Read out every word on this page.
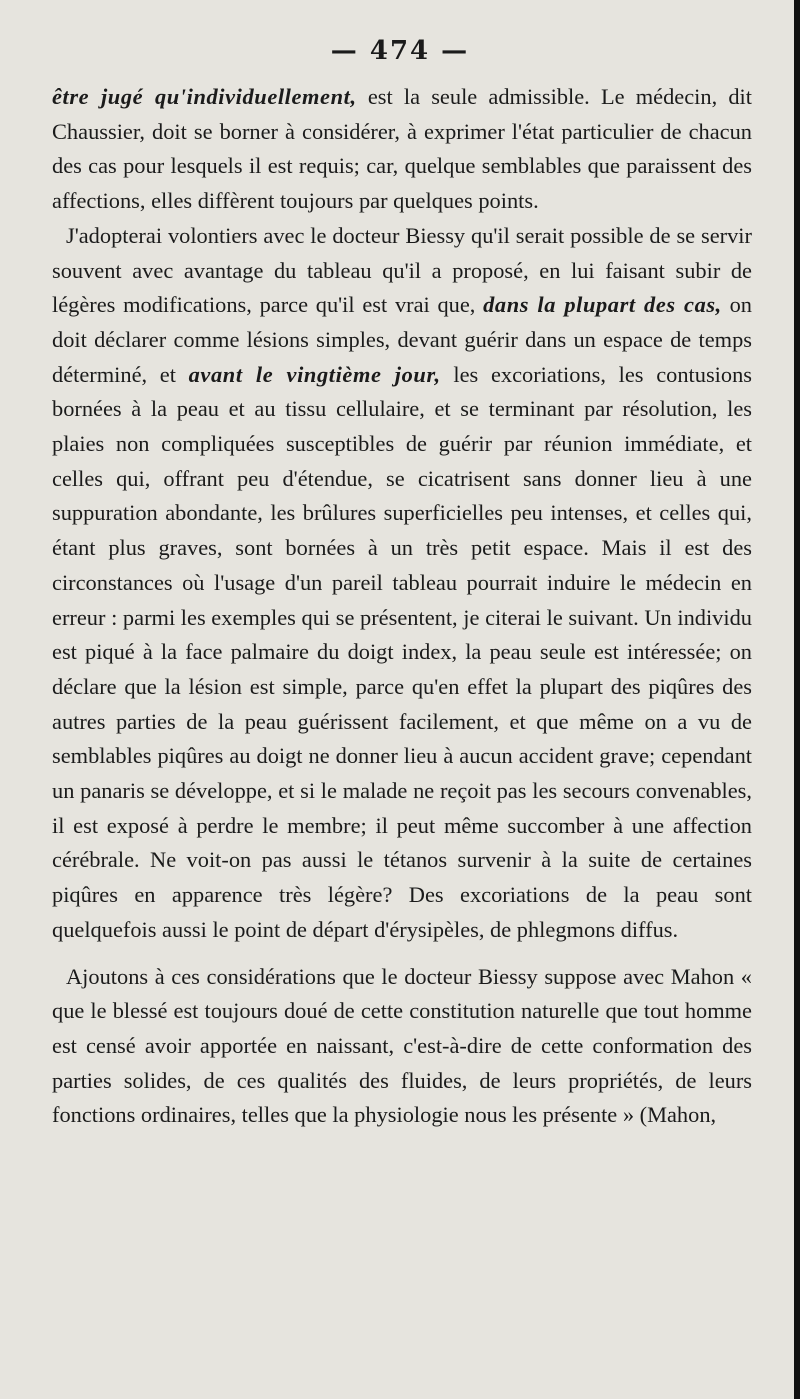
— 474 —

être jugé qu'individuellement, est la seule admissible. Le médecin, dit Chaussier, doit se borner à considérer, à exprimer l'état particulier de chacun des cas pour lesquels il est requis; car, quelque semblables que paraissent des affections, elles diffèrent toujours par quelques points.

J'adopterai volontiers avec le docteur Biessy qu'il serait possible de se servir souvent avec avantage du tableau qu'il a proposé, en lui faisant subir de légères modifications, parce qu'il est vrai que, dans la plupart des cas, on doit déclarer comme lésions simples, devant guérir dans un espace de temps déterminé, et avant le vingtième jour, les excoriations, les contusions bornées à la peau et au tissu cellulaire, et se terminant par résolution, les plaies non compliquées susceptibles de guérir par réunion immédiate, et celles qui, offrant peu d'étendue, se cicatrisent sans donner lieu à une suppuration abondante, les brûlures superficielles peu intenses, et celles qui, étant plus graves, sont bornées à un très petit espace. Mais il est des circonstances où l'usage d'un pareil tableau pourrait induire le médecin en erreur : parmi les exemples qui se présentent, je citerai le suivant. Un individu est piqué à la face palmaire du doigt index, la peau seule est intéressée; on déclare que la lésion est simple, parce qu'en effet la plupart des piqûres des autres parties de la peau guérissent facilement, et que même on a vu de semblables piqûres au doigt ne donner lieu à aucun accident grave; cependant un panaris se développe, et si le malade ne reçoit pas les secours convenables, il est exposé à perdre le membre; il peut même succomber à une affection cérébrale. Ne voit-on pas aussi le tétanos survenir à la suite de certaines piqûres en apparence très légère? Des excoriations de la peau sont quelquefois aussi le point de départ d'érysipèles, de phlegmons diffus.

Ajoutons à ces considérations que le docteur Biessy suppose avec Mahon « que le blessé est toujours doué de cette constitution naturelle que tout homme est censé avoir apportée en naissant, c'est-à-dire de cette conformation des parties solides, de ces qualités des fluides, de leurs propriétés, de leurs fonctions ordinaires, telles que la physiologie nous les présente » (Mahon,
